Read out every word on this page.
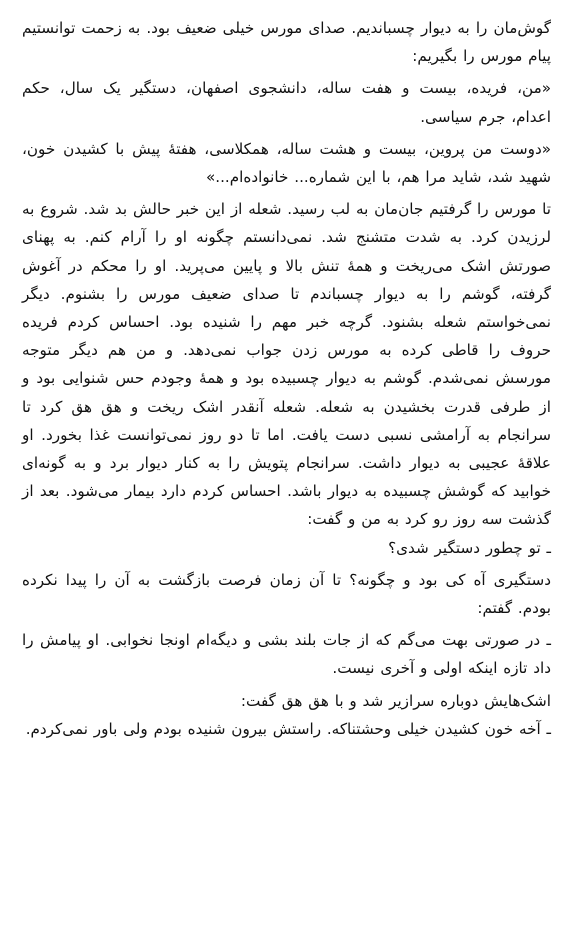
گوش‌مان را به دیوار چسباندیم. صدای مورس خیلی ضعیف بود. به زحمت توانستیم پیام مورس را بگیریم:

«من، فریده، بیست و هفت ساله، دانشجوی اصفهان، دستگیر یک سال، حکم اعدام، جرم سیاسی.

«دوست من پروین، بیست و هشت ساله، همکلاسی، هفتهٔ پیش با کشیدن خون، شهید شد، شاید مرا هم، با این شماره... خانواده‌ام...»

تا مورس را گرفتیم جان‌مان به لب رسید. شعله از این خبر حالش بد شد. شروع به لرزیدن کرد. به شدت متشنج شد. نمی‌دانستم چگونه او را آرام کنم. به پهنای صورتش اشک می‌ریخت و همهٔ تنش بالا و پایین می‌پرید. او را محکم در آغوش گرفته، گوشم را به دیوار چسباندم تا صدای ضعیف مورس را بشنوم. دیگر نمی‌خواستم شعله بشنود. گرچه خبر مهم را شنیده بود. احساس کردم فریده حروف را قاطی کرده به مورس زدن جواب نمی‌دهد. و من هم دیگر متوجه مورسش نمی‌شدم. گوشم به دیوار چسبیده بود و همهٔ وجودم حس شنوایی بود و از طرفی قدرت بخشیدن به شعله. شعله آنقدر اشک ریخت و هق هق کرد تا سرانجام به آرامشی نسبی دست یافت. اما تا دو روز نمی‌توانست غذا بخورد. او علاقهٔ عجیبی به دیوار داشت. سرانجام پتویش را به کنار دیوار برد و به گونه‌ای خوابید که گوشش چسبیده به دیوار باشد. احساس کردم دارد بیمار می‌شود. بعد از گذشت سه روز رو کرد به من و گفت:

ـ تو چطور دستگیر شدی؟

دستگیری آه کی بود و چگونه؟ تا آن زمان فرصت بازگشت به آن را پیدا نکرده بودم. گفتم:

ـ در صورتی بهت می‌گم که از جات بلند بشی و دیگه‌ام اونجا نخوابی. او پیامش را داد تازه اینکه اولی و آخری نیست.

اشک‌هایش دوباره سرازیر شد و با هق هق گفت:

ـ آخه خون کشیدن خیلی وحشتناکه. راستش بیرون شنیده بودم ولی باور نمی‌کردم.
